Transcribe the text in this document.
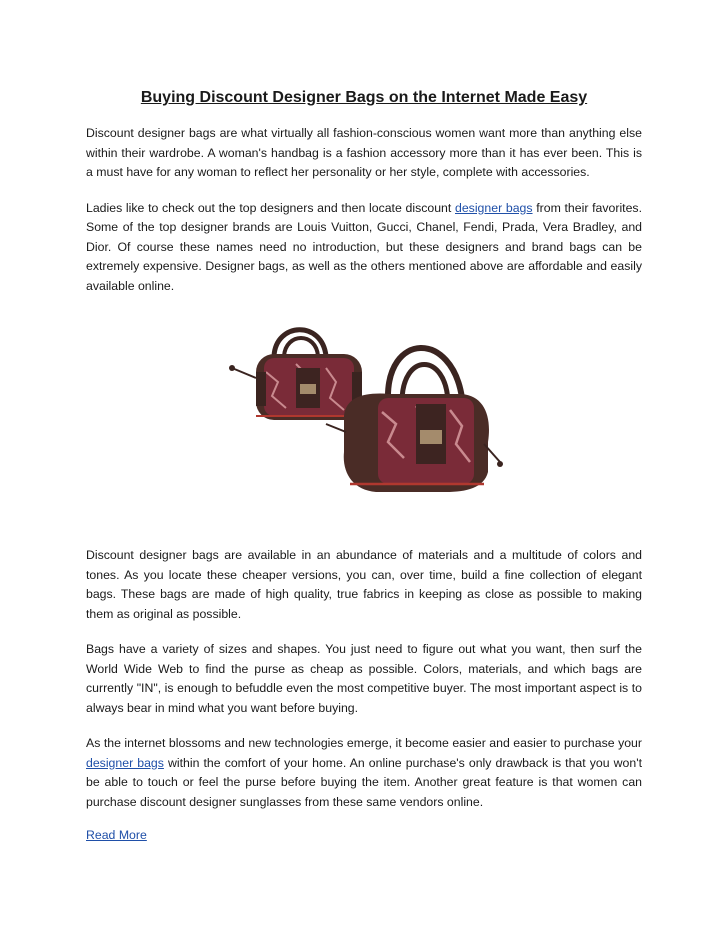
Buying Discount Designer Bags on the Internet Made Easy

Discount designer bags are what virtually all fashion-conscious women want more than anything else within their wardrobe. A woman's handbag is a fashion accessory more than it has ever been. This is a must have for any woman to reflect her personality or her style, complete with accessories.

Ladies like to check out the top designers and then locate discount designer bags from their favorites. Some of the top designer brands are Louis Vuitton, Gucci, Chanel, Fendi, Prada, Vera Bradley, and Dior. Of course these names need no introduction, but these designers and brand bags can be extremely expensive. Designer bags, as well as the others mentioned above are affordable and easily available online.

Discount designer bags are available in an abundance of materials and a multitude of colors and tones. As you locate these cheaper versions, you can, over time, build a fine collection of elegant bags. These bags are made of high quality, true fabrics in keeping as close as possible to making them as original as possible.

Bags have a variety of sizes and shapes. You just need to figure out what you want, then surf the World Wide Web to find the purse as cheap as possible. Colors, materials, and which bags are currently "IN", is enough to befuddle even the most competitive buyer. The most important aspect is to always bear in mind what you want before buying.

As the internet blossoms and new technologies emerge, it become easier and easier to purchase your designer bags within the comfort of your home. An online purchase's only drawback is that you won't be able to touch or feel the purse before buying the item. Another great feature is that women can purchase discount designer sunglasses from these same vendors online.

Read More
